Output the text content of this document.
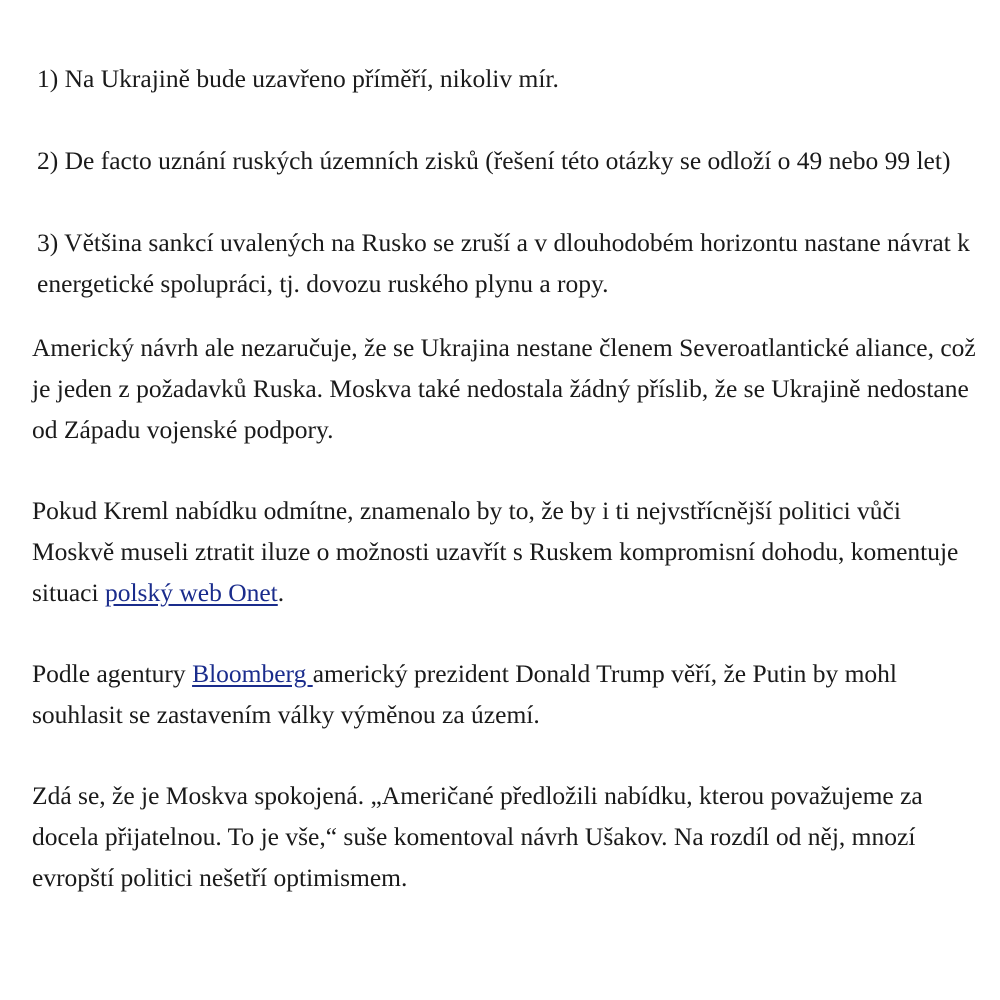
1) Na Ukrajině bude uzavřeno příměří, nikoliv mír.

2) De facto uznání ruských územních zisků (řešení této otázky se odloží o 49 nebo 99 let)

3) Většina sankcí uvalených na Rusko se zruší a v dlouhodobém horizontu nastane návrat k energetické spolupráci, tj. dovozu ruského plynu a ropy.

Americký návrh ale nezaručuje, že se Ukrajina nestane členem Severoatlantické aliance, což je jeden z požadavků Ruska. Moskva také nedostala žádný příslib, že se Ukrajině nedostane od Západu vojenské podpory.

Pokud Kreml nabídku odmítne, znamenalo by to, že by i ti nejvstřícnější politici vůči Moskvě museli ztratit iluze o možnosti uzavřít s Ruskem kompromisní dohodu, komentuje situaci polský web Onet.

Podle agentury Bloomberg americký prezident Donald Trump věří, že Putin by mohl souhlasit se zastavením války výměnou za území.

Zdá se, že je Moskva spokojená. „Američané předložili nabídku, kterou považujeme za docela přijatelnou. To je vše,“ suše komentoval návrh Ušakov. Na rozdíl od něj, mnozí evropští politici nešetří optimismem.
